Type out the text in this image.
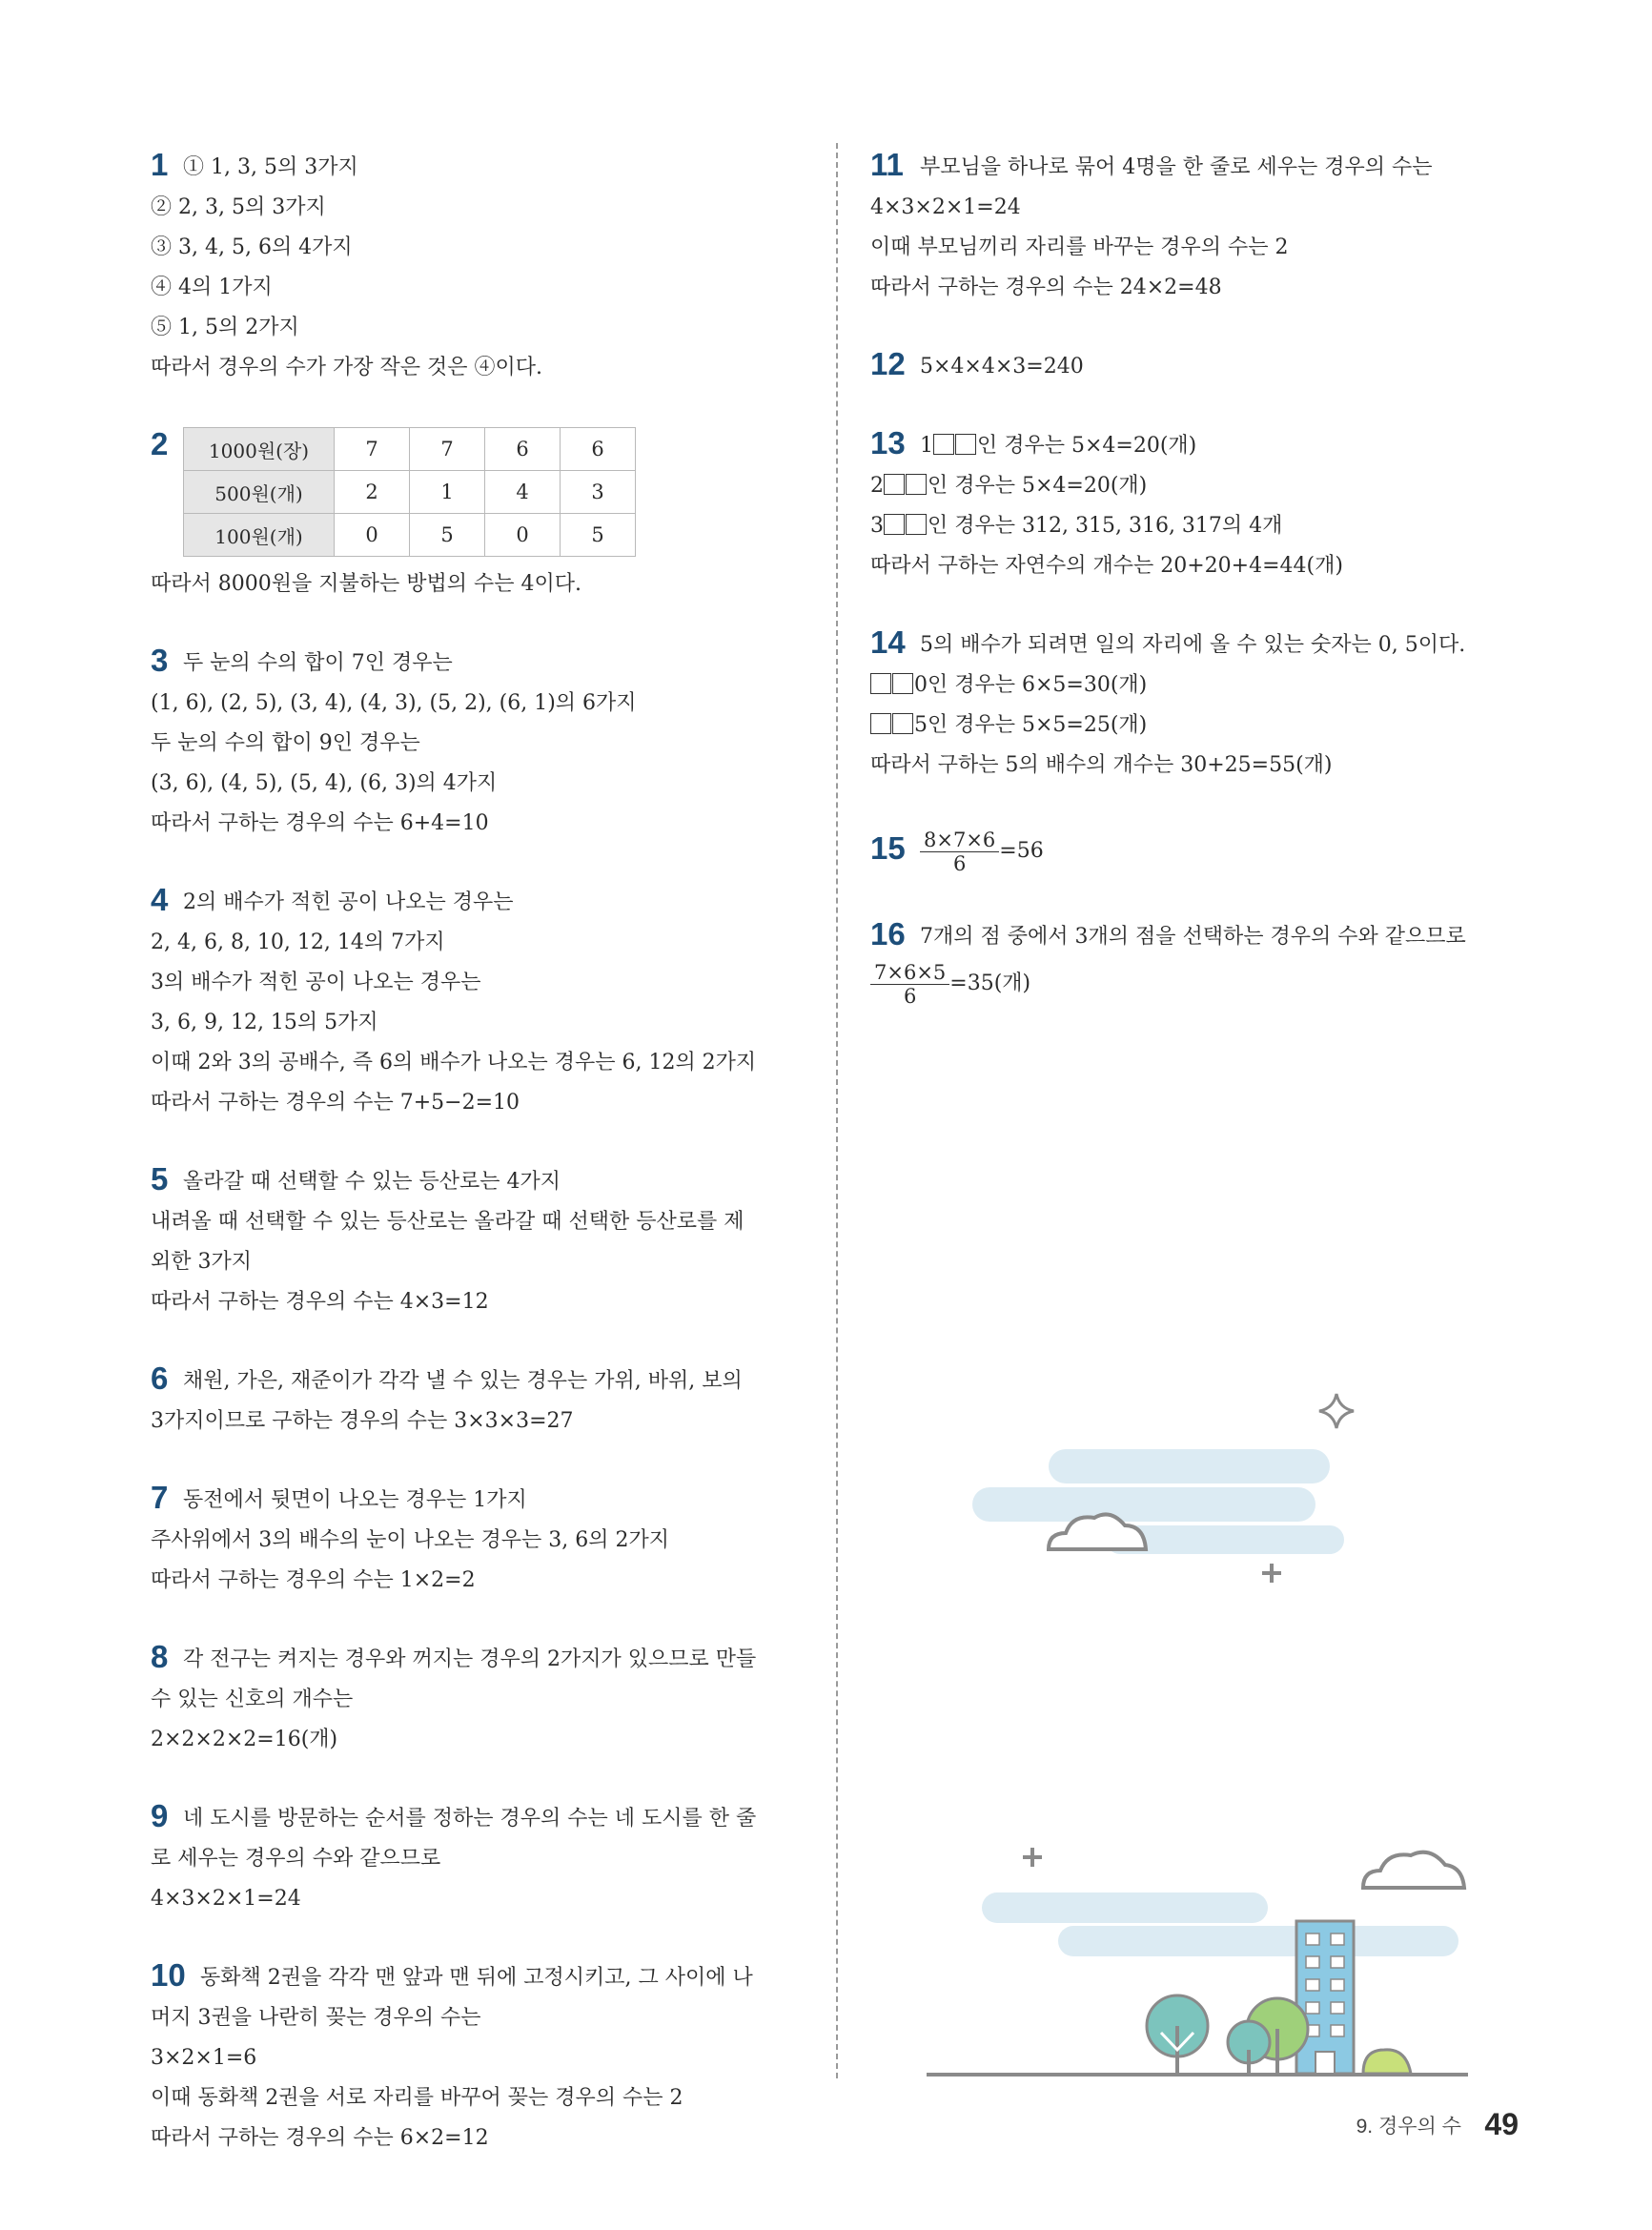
1 ① 1, 3, 5의 3가지
② 2, 3, 5의 3가지
③ 3, 4, 5, 6의 4가지
④ 4의 1가지
⑤ 1, 5의 2가지
따라서 경우의 수가 가장 작은 것은 ④이다.
2 1000원(장)	7	7	6	6
500원(개)	2	1	4	3
100원(개)	0	5	0	5
따라서 8000원을 지불하는 방법의 수는 4이다.
3 두 눈의 수의 합이 7인 경우는
(1, 6), (2, 5), (3, 4), (4, 3), (5, 2), (6, 1)의 6가지
두 눈의 수의 합이 9인 경우는
(3, 6), (4, 5), (5, 4), (6, 3)의 4가지
따라서 구하는 경우의 수는 6+4=10
4 2의 배수가 적힌 공이 나오는 경우는
2, 4, 6, 8, 10, 12, 14의 7가지
3의 배수가 적힌 공이 나오는 경우는
3, 6, 9, 12, 15의 5가지
이때 2와 3의 공배수, 즉 6의 배수가 나오는 경우는 6, 12의 2가지
따라서 구하는 경우의 수는 7+5−2=10
5 올라갈 때 선택할 수 있는 등산로는 4가지
내려올 때 선택할 수 있는 등산로는 올라갈 때 선택한 등산로를 제
외한 3가지
따라서 구하는 경우의 수는 4×3=12
6 채원, 가은, 재준이가 각각 낼 수 있는 경우는 가위, 바위, 보의
3가지이므로 구하는 경우의 수는 3×3×3=27
7 동전에서 뒷면이 나오는 경우는 1가지
주사위에서 3의 배수의 눈이 나오는 경우는 3, 6의 2가지
따라서 구하는 경우의 수는 1×2=2
8 각 전구는 켜지는 경우와 꺼지는 경우의 2가지가 있으므로 만들
수 있는 신호의 개수는
2×2×2×2=16(개)
9 네 도시를 방문하는 순서를 정하는 경우의 수는 네 도시를 한 줄
로 세우는 경우의 수와 같으므로
4×3×2×1=24
10 동화책 2권을 각각 맨 앞과 맨 뒤에 고정시키고, 그 사이에 나
머지 3권을 나란히 꽂는 경우의 수는
3×2×1=6
이때 동화책 2권을 서로 자리를 바꾸어 꽂는 경우의 수는 2
따라서 구하는 경우의 수는 6×2=12
11 부모님을 하나로 묶어 4명을 한 줄로 세우는 경우의 수는
4×3×2×1=24
이때 부모님끼리 자리를 바꾸는 경우의 수는 2
따라서 구하는 경우의 수는 24×2=48
12 5×4×4×3=240
13 1 인 경우는 5×4=20(개)
2 인 경우는 5×4=20(개)
3 인 경우는 312, 315, 316, 317의 4개
따라서 구하는 자연수의 개수는 20+20+4=44(개)
14 5의 배수가 되려면 일의 자리에 올 수 있는 숫자는 0, 5이다.
0인 경우는 6×5=30(개)
5인 경우는 5×5=25(개)
따라서 구하는 5의 배수의 개수는 30+25=55(개)
$15 \frac{8\times 7\times 6}{6} =56$
16 7개의 점 중에서 3개의 점을 선택하는 경우의 수와 같으므로
$\frac{7\times 6\times 5}{6} =35$(개)
9. 경우의 수 49
